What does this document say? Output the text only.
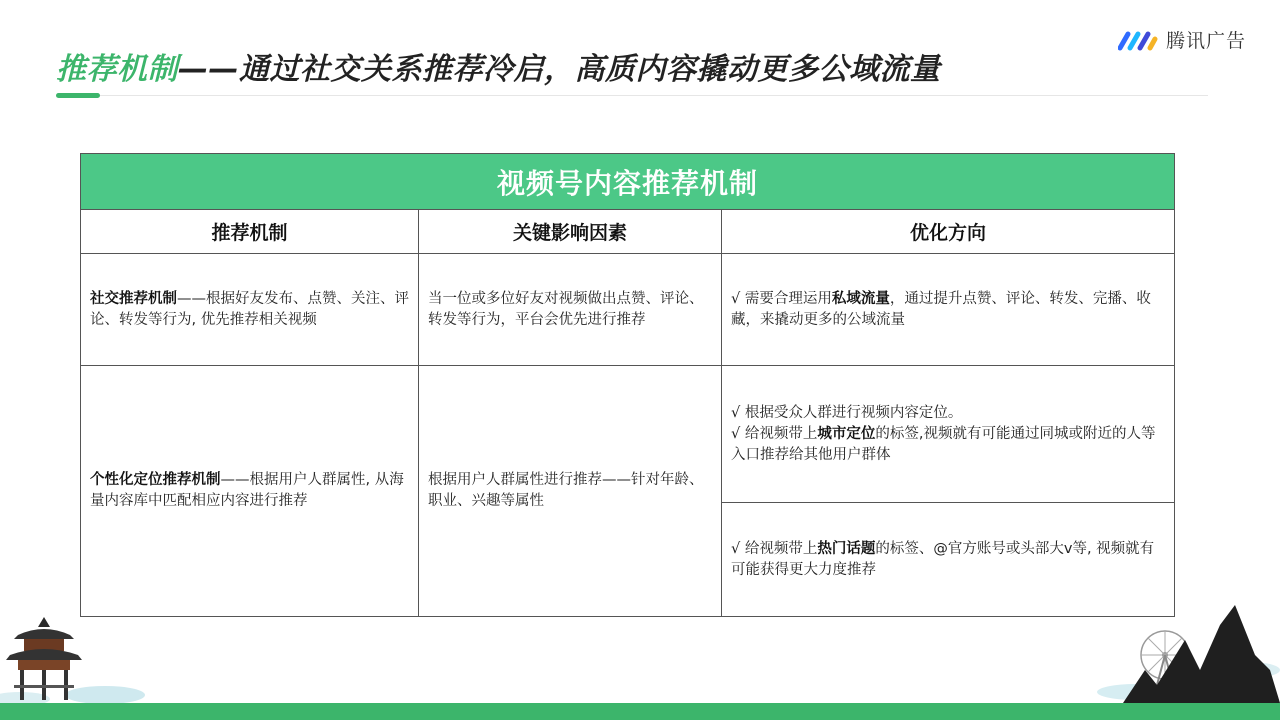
推荐机制——通过社交关系推荐冷启，高质内容撬动更多公域流量
腾讯广告
视频号内容推荐机制
推荐机制	关键影响因素	优化方向
社交推荐机制——根据好友发布、点赞、关注、评论、转发等行为, 优先推荐相关视频
当一位或多位好友对视频做出点赞、评论、转发等行为，平台会优先进行推荐
√ 需要合理运用私域流量，通过提升点赞、评论、转发、完播、收藏，来撬动更多的公域流量
个性化定位推荐机制——根据用户人群属性, 从海量内容库中匹配相应内容进行推荐
根据用户人群属性进行推荐——针对年龄、职业、兴趣等属性
√ 根据受众人群进行视频内容定位。
√ 给视频带上城市定位的标签,视频就有可能通过同城或附近的人等入口推荐给其他用户群体
√ 给视频带上热门话题的标签、@官方账号或头部大v等, 视频就有可能获得更大力度推荐
